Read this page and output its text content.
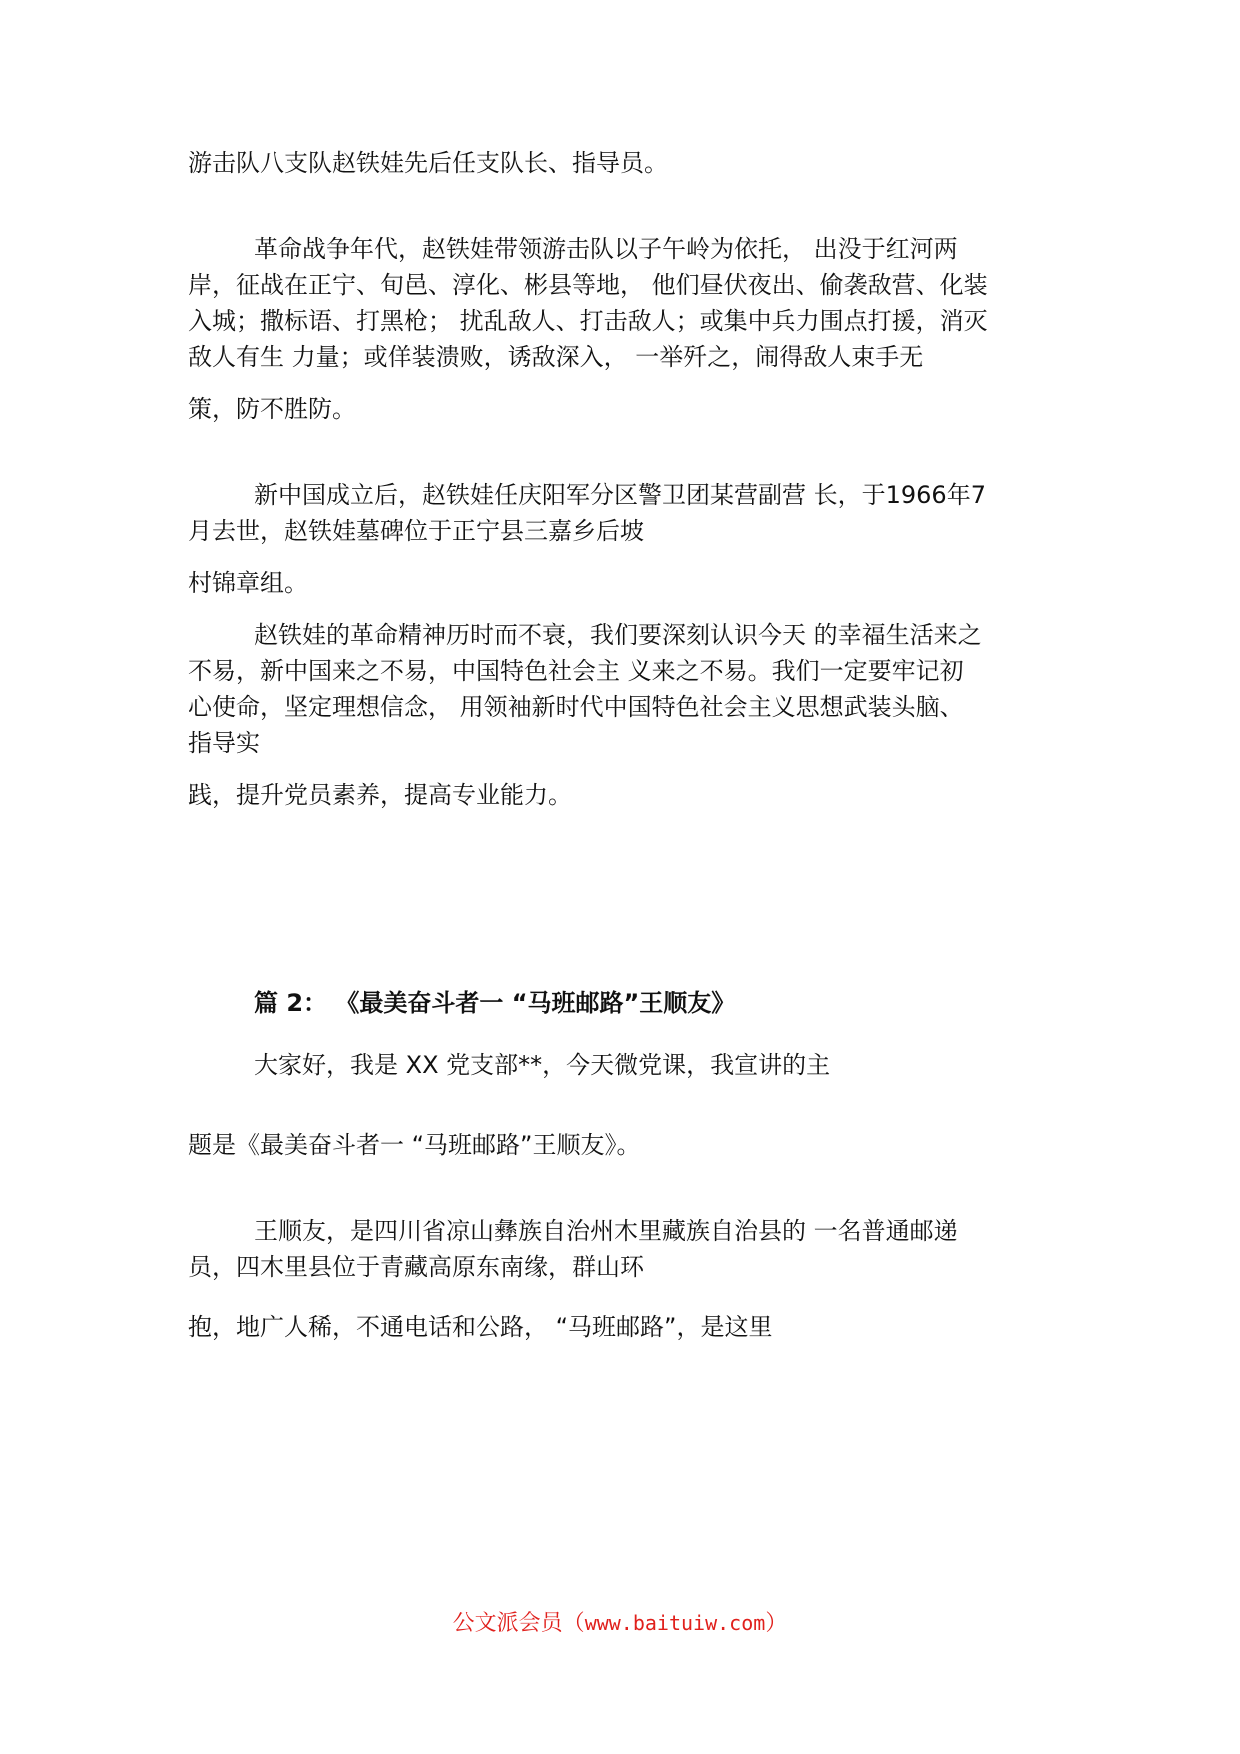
游击队八支队赵铁娃先后任支队长、指导员。
革命战争年代，赵铁娃带领游击队以子午岭为依托， 出没于红河两
岸，征战在正宁、旬邑、淳化、彬县等地， 他们昼伏夜出、偷袭敌营、化装
入城；撒标语、打黑枪； 扰乱敌人、打击敌人；或集中兵力围点打援，消灭
敌人有生 力量；或佯装溃败，诱敌深入， 一举歼之，闹得敌人束手无
策，防不胜防。
新中国成立后，赵铁娃任庆阳军分区警卫团某营副营 长，于1966年7
月去世，赵铁娃墓碑位于正宁县三嘉乡后坡
村锦章组。
赵铁娃的革命精神历时而不衰，我们要深刻认识今天 的幸福生活来之
不易，新中国来之不易，中国特色社会主 义来之不易。我们一定要牢记初
心使命，坚定理想信念， 用领袖新时代中国特色社会主义思想武装头脑、
指导实
践，提升党员素养，提高专业能力。
篇 2： 《最美奋斗者一 “马班邮路”王顺友》
大家好，我是 XX 党支部**，今天微党课，我宣讲的主
题是《最美奋斗者一 “马班邮路”王顺友》。
王顺友，是四川省凉山彝族自治州木里藏族自治县的 一名普通邮递
员，四木里县位于青藏高原东南缘，群山环
抱，地广人稀，不通电话和公路， “马班邮路”，是这里
公文派会员（www.baituiw.com）
